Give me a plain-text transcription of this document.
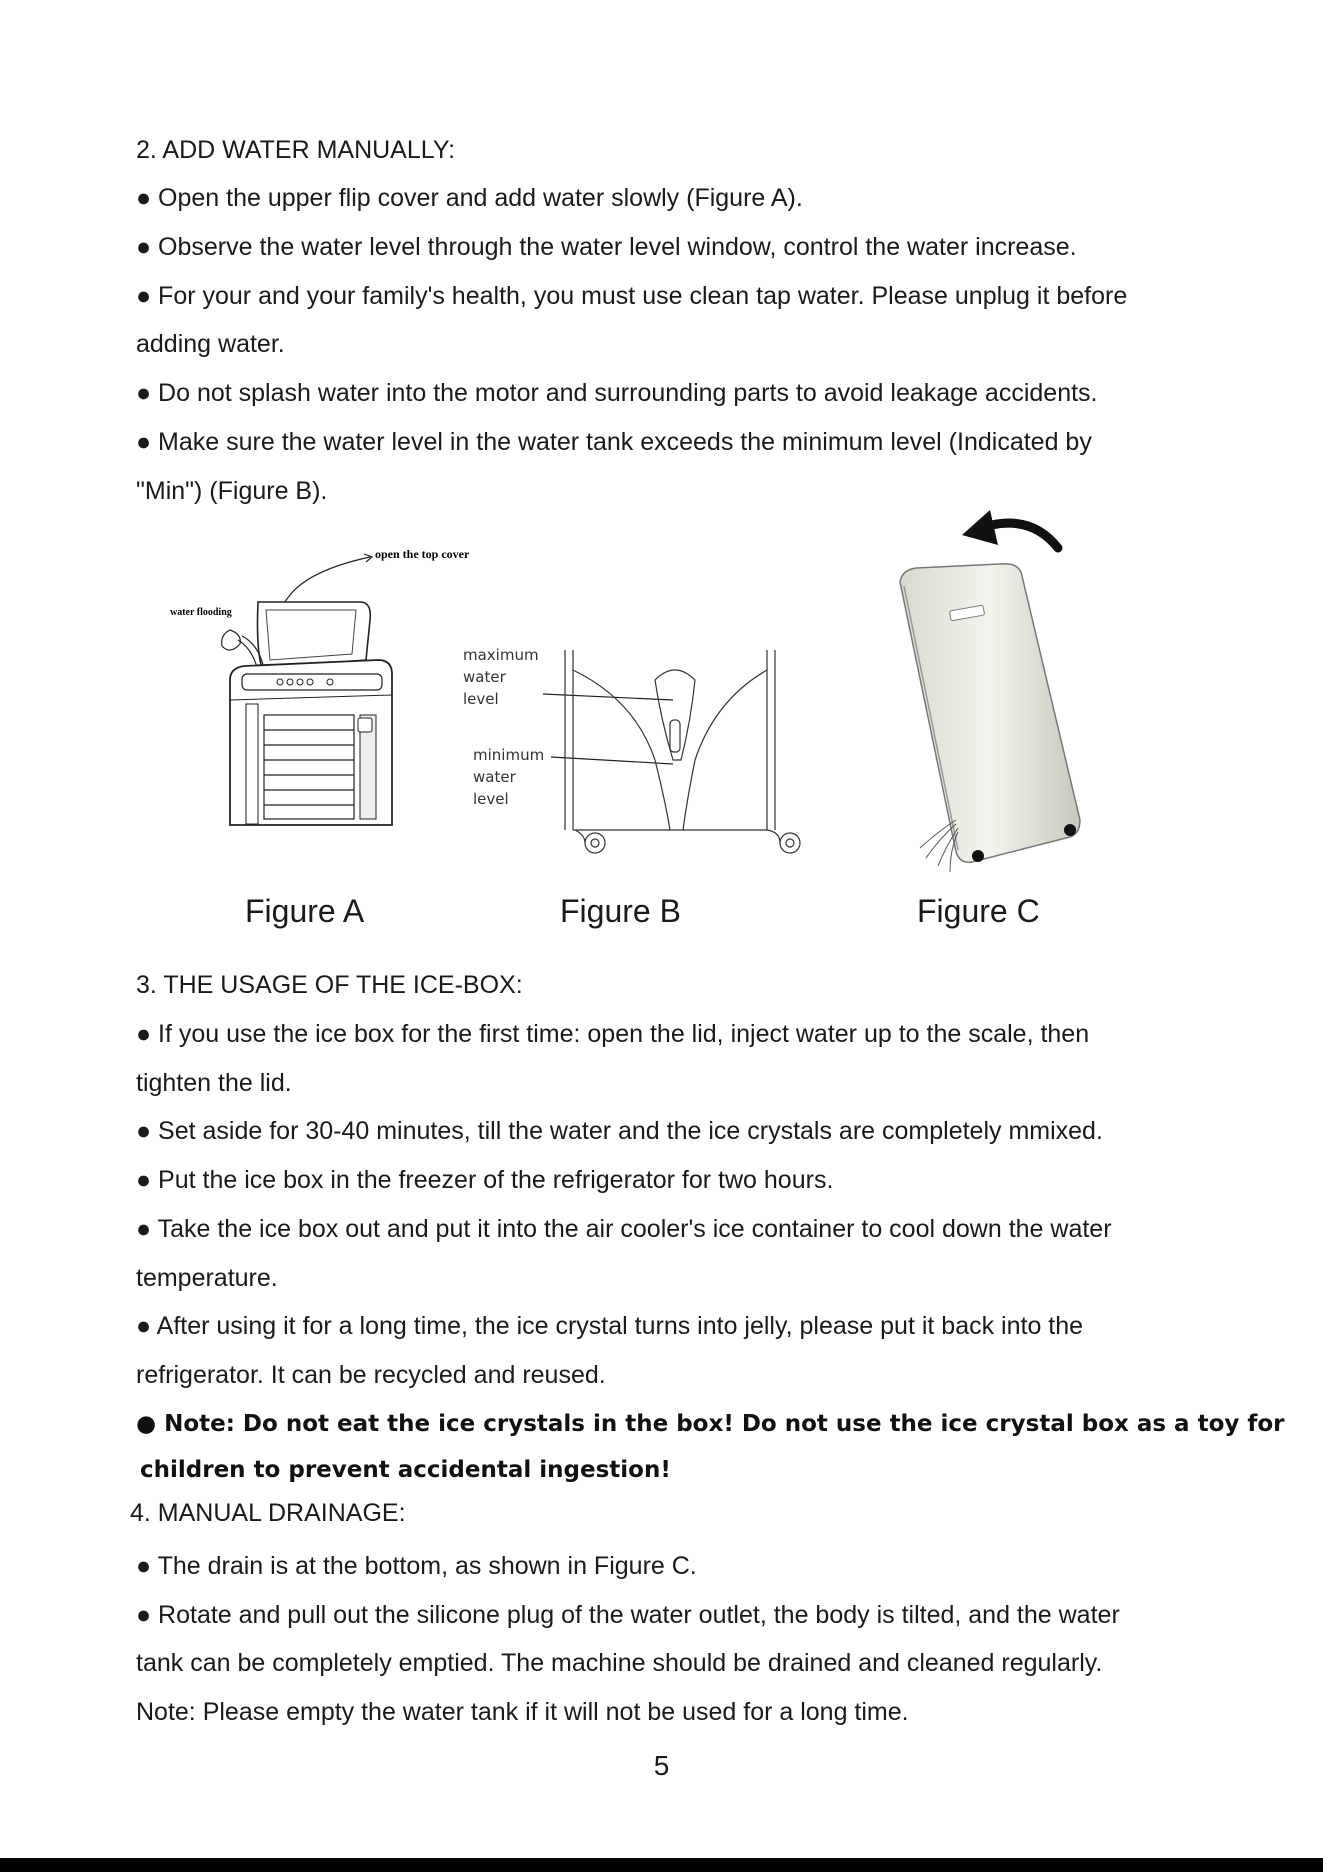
2. ADD WATER MANUALLY:
● Open the upper flip cover and add water slowly (Figure A).
● Observe the water level through the water level window, control the water increase.
● For your and your family's health, you must use clean tap water. Please unplug it before
adding water.
● Do not splash water into the motor and surrounding parts to avoid leakage accidents.
● Make sure the water level in the water tank exceeds the minimum level (Indicated by
"Min") (Figure B).
open the top cover
water flooding
maximum
water
level
minimum
water
level
Figure A	Figure B	Figure C
3. THE USAGE OF THE ICE-BOX:
● If you use the ice box for the first time: open the lid, inject water up to the scale, then
tighten the lid.
● Set aside for 30-40 minutes, till the water and the ice crystals are completely mmixed.
● Put the ice box in the freezer of the refrigerator for two hours.
● Take the ice box out and put it into the air cooler's ice container to cool down the water
temperature.
● After using it for a long time, the ice crystal turns into jelly, please put it back into the
refrigerator. It can be recycled and reused.
● Note: Do not eat the ice crystals in the box! Do not use the ice crystal box as a toy for
children to prevent accidental ingestion!
4. MANUAL DRAINAGE:
● The drain is at the bottom, as shown in Figure C.
● Rotate and pull out the silicone plug of the water outlet, the body is tilted, and the water
tank can be completely emptied. The machine should be drained and cleaned regularly.
Note: Please empty the water tank if it will not be used for a long time.
5
